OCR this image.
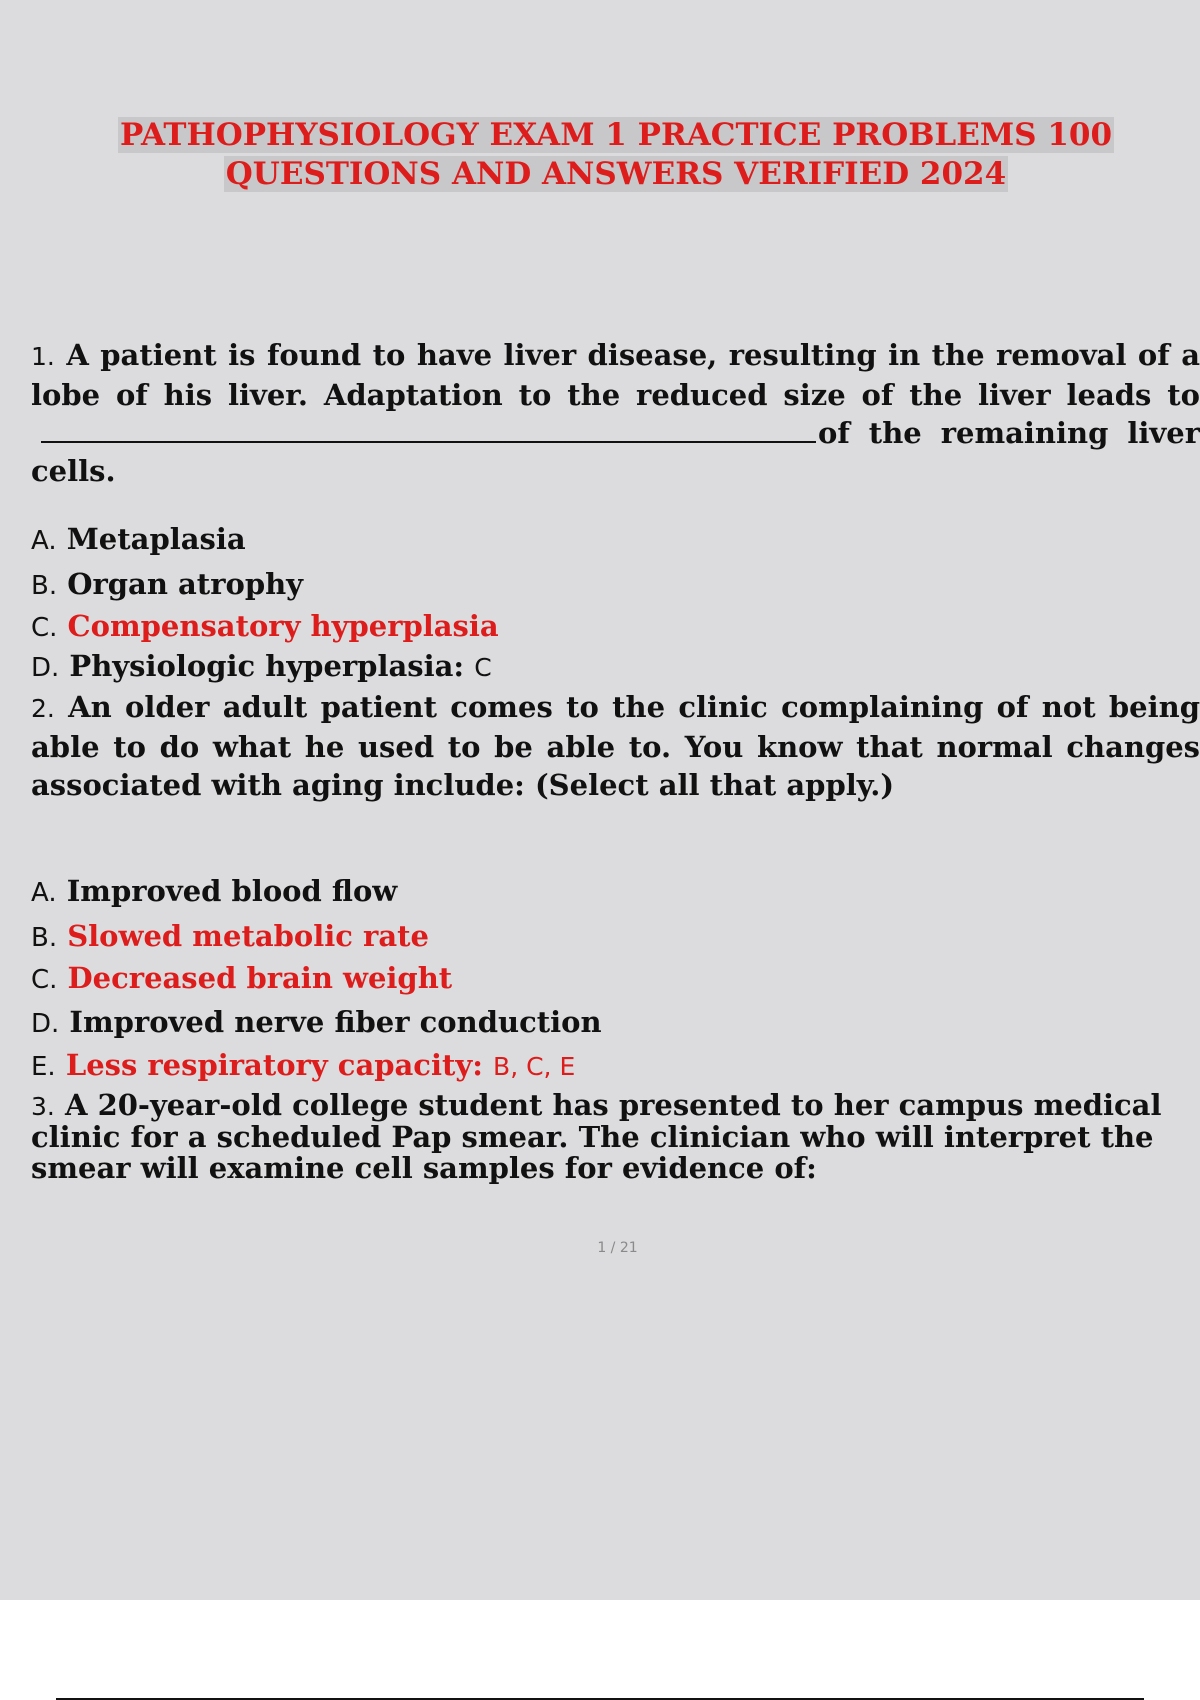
PATHOPHYSIOLOGY EXAM 1 PRACTICE PROBLEMS 100
QUESTIONS AND ANSWERS VERIFIED 2024
1. A patient is found to have liver disease, resulting in the removal of a lobe of his liver. Adaptation to the reduced size of the liver leads toof the remaining liver cells.
A. Metaplasia
B. Organ atrophy
C. Compensatory hyperplasia
D. Physiologic hyperplasia: C
2. An older adult patient comes to the clinic complaining of not being able to do what he used to be able to. You know that normal changes associated with aging include: (Select all that apply.)
A. Improved blood flow
B. Slowed metabolic rate
C. Decreased brain weight
D. Improved nerve fiber conduction
E. Less respiratory capacity: B, C, E
3. A 20-year-old college student has presented to her campus medical clinic for a scheduled Pap smear. The clinician who will interpret the smear will examine cell samples for evidence of:
1 / 21
